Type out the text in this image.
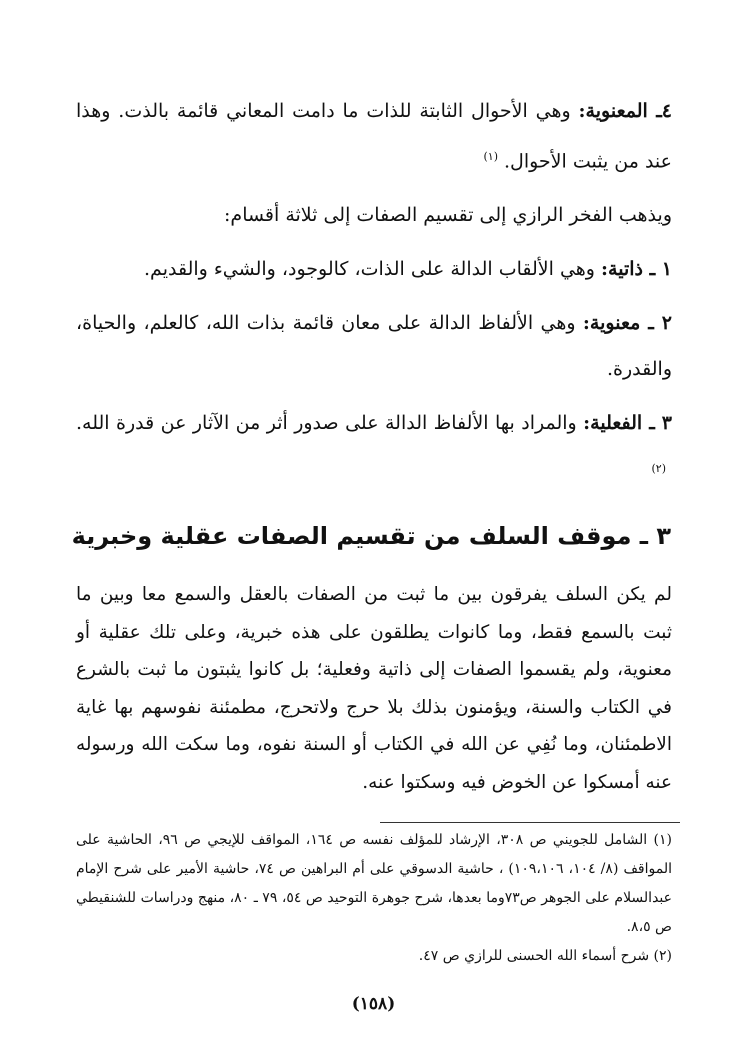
٤ـ المعنوية: وهي الأحوال الثابتة للذات ما دامت المعاني قائمة بالذت. وهذا عند من يثبت الأحوال.$^{(١)}$

ويذهب الفخر الرازي إلى تقسيم الصفات إلى ثلاثة أقسام:

١ ـ ذاتية: وهي الألقاب الدالة على الذات، كالوجود، والشيء والقديم.

٢ ـ معنوية: وهي الألفاظ الدالة على معان قائمة بذات الله، كالعلم، والحياة، والقدرة.

٣ ـ الفعلية: والمراد بها الألفاظ الدالة على صدور أثر من الآثار عن قدرة الله.$^{(٢)}$

٣ ـ موقف السلف من تقسيم الصفات عقلية وخبرية

لم يكن السلف يفرقون بين ما ثبت من الصفات بالعقل والسمع معا وبين ما ثبت بالسمع فقط، وما كانوات يطلقون على هذه خبرية، وعلى تلك عقلية أو معنوية، ولم يقسموا الصفات إلى ذاتية وفعلية؛ بل كانوا يثبتون ما ثبت بالشرع في الكتاب والسنة، ويؤمنون بذلك بلا حرج ولاتحرج، مطمئنة نفوسهم بها غاية الاطمئنان، وما نُفِي عن الله في الكتاب أو السنة نفوه، وما سكت الله ورسوله عنه أمسكوا عن الخوض فيه وسكتوا عنه.

(١) الشامل للجويني ص ٣٠٨، الإرشاد للمؤلف نفسه ص ١٦٤، المواقف للإيجي ص ٩٦، الحاشية على المواقف (٨/ ١٠٤، ١٠٩،١٠٦) ، حاشية الدسوقي على أم البراهين ص ٧٤، حاشية الأمير على شرح الإمام عبدالسلام على الجوهر ص٧٣وما بعدها، شرح جوهرة التوحيد ص ٥٤، ٧٩ ـ ٨٠، منهج ودراسات للشنقيطي ص ٨،٥.

(٢) شرح أسماء الله الحسنى للرازي ص ٤٧.

(١٥٨)
